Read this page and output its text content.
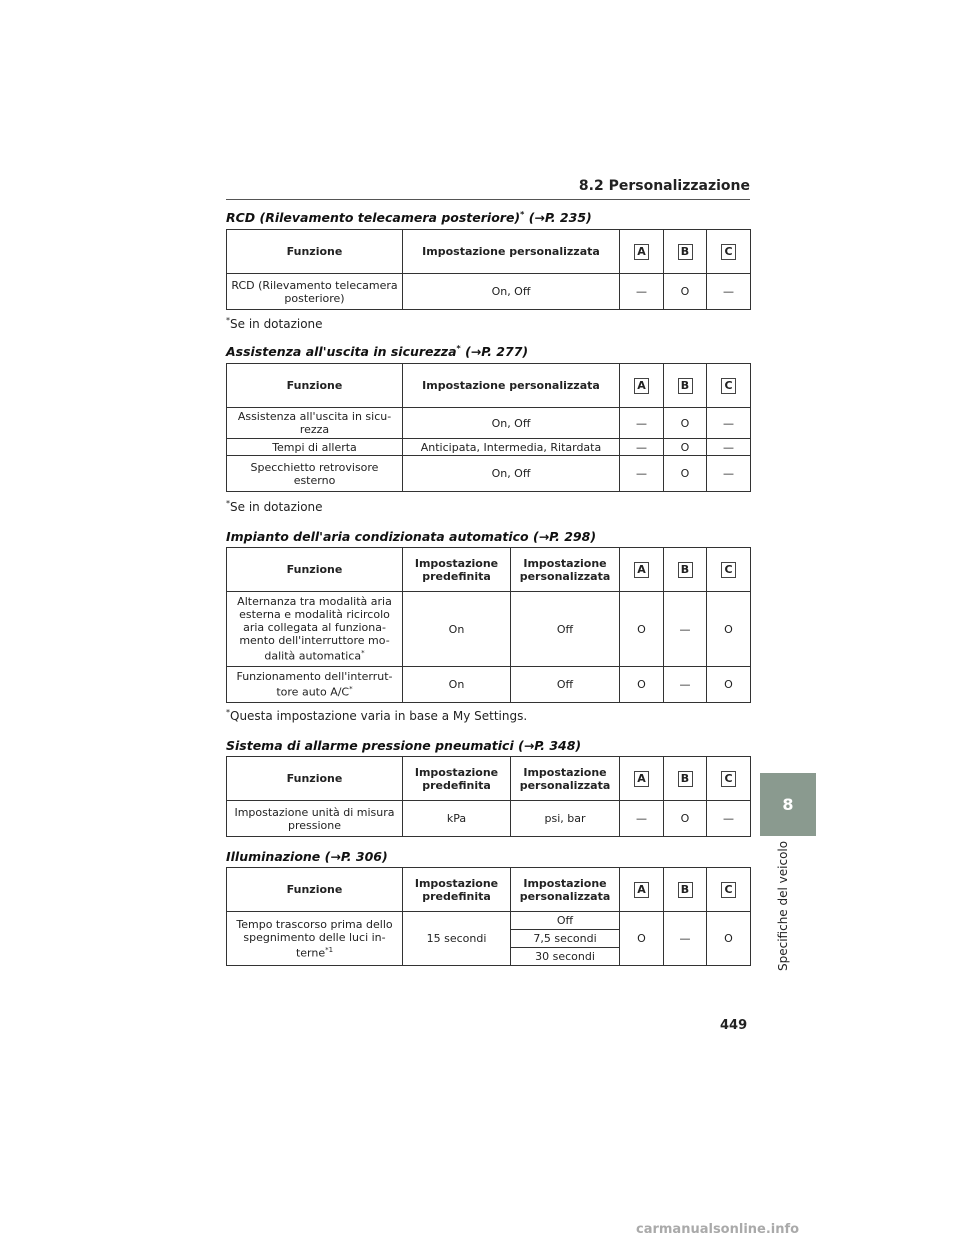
8.2 Personalizzazione
RCD (Rilevamento telecamera posteriore)* (→P. 235)
Funzione	Impostazione personalizzata	A	B	C
RCD (Rilevamento telecamera posteriore)	On, Off	—	O	—
*Se in dotazione
Assistenza all'uscita in sicurezza* (→P. 277)
Funzione	Impostazione personalizzata	A	B	C
Assistenza all'uscita in sicu-rezza	On, Off	—	O	—
Tempi di allerta	Anticipata, Intermedia, Ritardata	—	O	—
Specchietto retrovisore esterno	On, Off	—	O	—
*Se in dotazione
Impianto dell'aria condizionata automatico (→P. 298)
Funzione	Impostazione predefinita	Impostazione personalizzata	A	B	C
Alternanza tra modalità aria esterna e modalità ricircolo aria collegata al funziona-mento dell'interruttore mo-dalità automatica*	On	Off	O	—	O
Funzionamento dell'interrut-tore auto A/C*	On	Off	O	—	O
*Questa impostazione varia in base a My Settings.
Sistema di allarme pressione pneumatici (→P. 348)
Funzione	Impostazione predefinita	Impostazione personalizzata	A	B	C
Impostazione unità di misura pressione	kPa	psi, bar	—	O	—
Illuminazione (→P. 306)
Funzione	Impostazione predefinita	Impostazione personalizzata	A	B	C
Tempo trascorso prima dello spegnimento delle luci in-terne$^{*1}$	15 secondi	Off	O	—	O
		7,5 secondi			
		30 secondi			
8
Specifiche del veicolo
449
carmanualsonline.info
